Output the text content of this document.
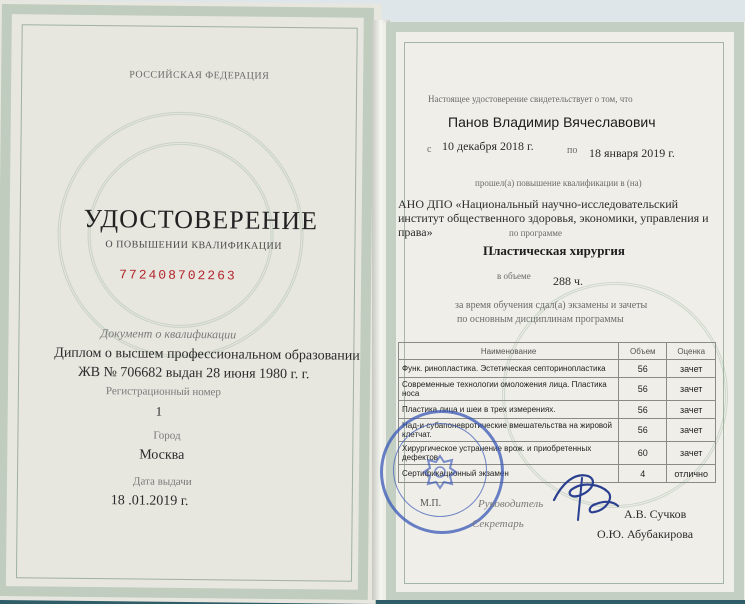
РОССИЙСКАЯ ФЕДЕРАЦИЯ
УДОСТОВЕРЕНИЕ
О ПОВЫШЕНИИ КВАЛИФИКАЦИИ
772408702263
Документ о квалификации
Диплом о высшем профессиональном образовании
ЖВ № 706682 выдан 28 июня 1980 г. г.
Регистрационный номер
1
Город
Москва
Дата выдачи
18 .01.2019 г.
Настоящее удостоверение свидетельствует о том, что
Панов Владимир Вячеславович
с 10 декабря 2018 г.	по 18 января 2019 г.
прошел(а) повышение квалификации в (на)
АНО ДПО «Национальный научно-исследовательский
институт общественного здоровья, экономики, управления и
права»	по программе
Пластическая хирургия
в объеме 288 ч.
за время обучения сдал(а) экзамены и зачеты
по основным дисциплинам программы
Наименование	Объем	Оценка
Функ. ринопластика. Эстетическая септоринопластика	56	зачет
Современные технологии омоложения лица. Пластика носа	56	зачет
Пластика лица и шеи в трех измерениях.	56	зачет
Над-и субапоневротические вмешательства на жировой клетчат.	56	зачет
Хирургическое устранение врож. и приобретенных дефектов	60	зачет
Сертификационный экзамен	4	отлично
М.П.	Руководитель
Секретарь
А.В. Сучков
О.Ю. Абубакирова
